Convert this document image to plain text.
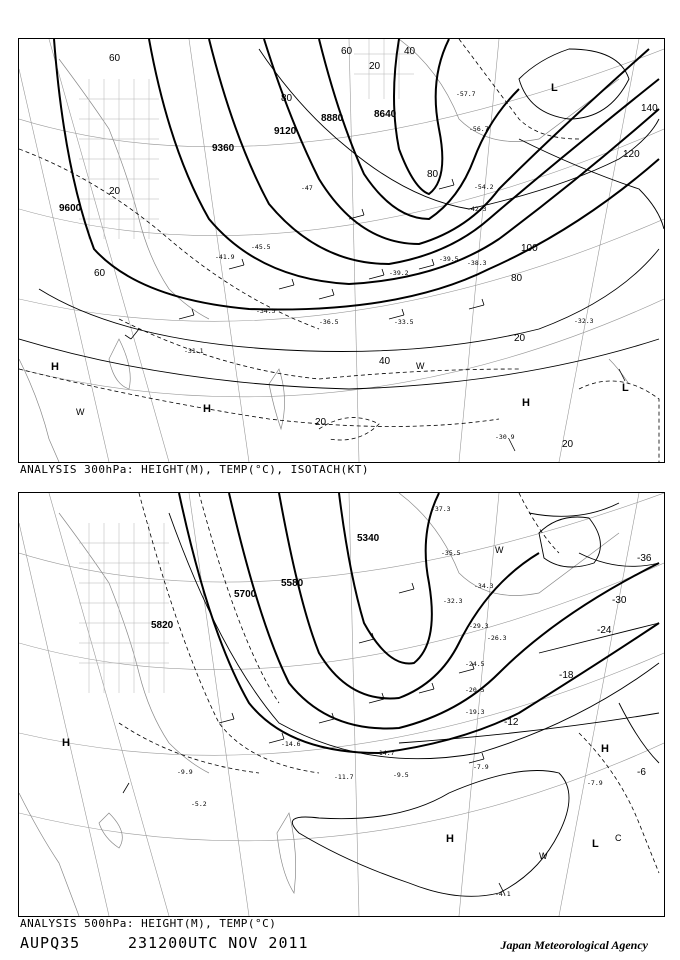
9600
9360
9120
8880	8640
60
80
40
20
60	80
100
120
140
20
40
20
20
20
60
80
-57.7
-56.7
-54.2
-42.3
-39.5 -38.3
-39.2
-33.5
-31.1
-30.9
-32.3
-34.5
-36.5
-47
-45.5
-41.9
H
H	H
L
L
W
W
ANALYSIS 300hPa: HEIGHT(M), TEMP(°C), ISOTACH(KT)
5340
5580
5700
5820
-36
-30
-24
-18
-12
-6
-37.3
-35.5
-34.3
-32.3
-29.3
-26.3
-24.5
-20.5
-19.3
-14.7
-11.7	-9.5
-7.9
-7.9
-4.1
-14.6
-9.9
-5.2
H
H
H
L C
W
W
ANALYSIS 500hPa: HEIGHT(M), TEMP(°C)
AUPQ35	231200UTC NOV 2011	Japan Meteorological Agency
